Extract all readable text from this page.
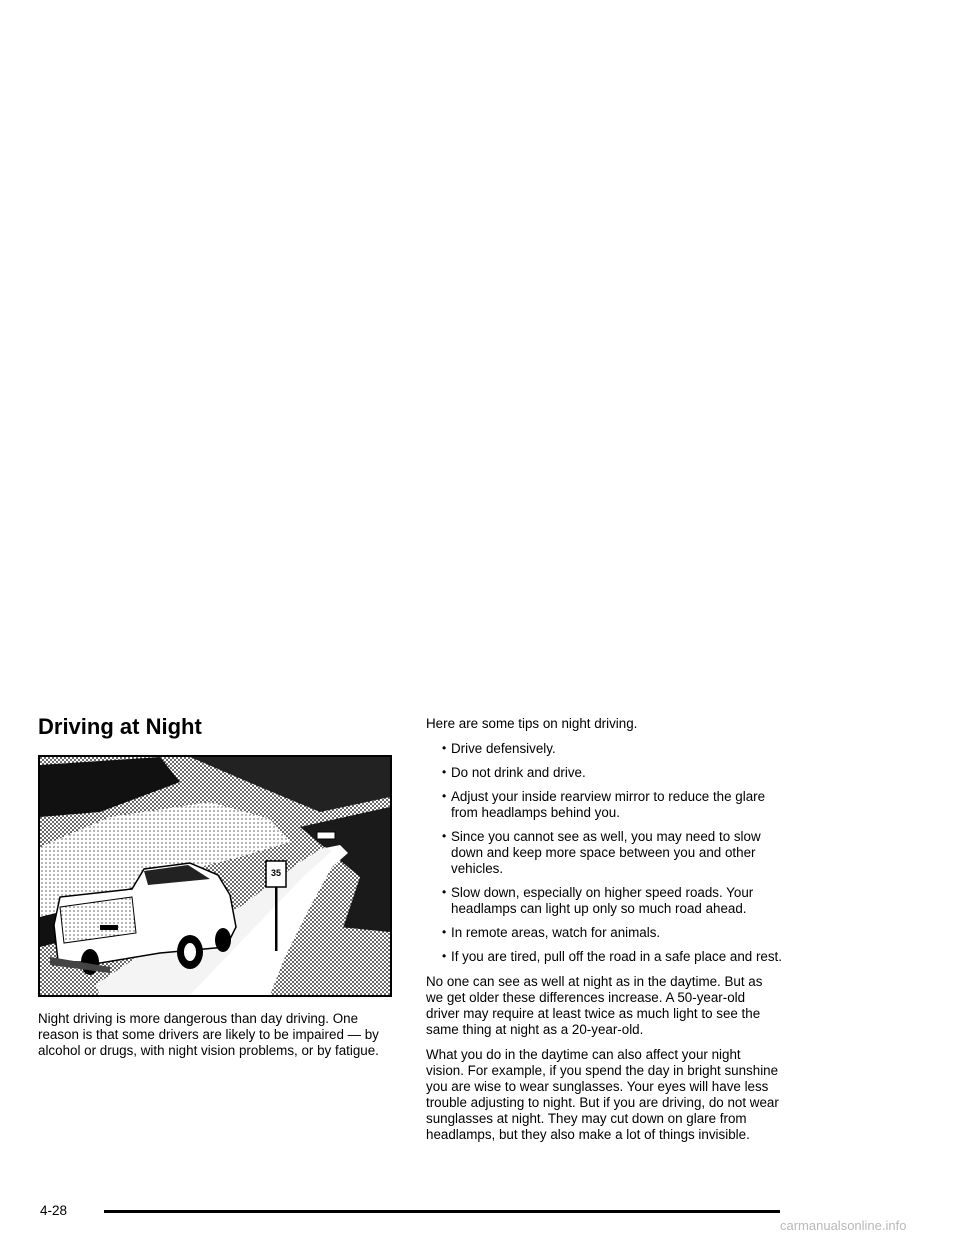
Driving at Night
35

Night driving is more dangerous than day driving. One reason is that some drivers are likely to be impaired — by alcohol or drugs, with night vision problems, or by fatigue.

Here are some tips on night driving.

• Drive defensively.
• Do not drink and drive.
• Adjust your inside rearview mirror to reduce the glare from headlamps behind you.
• Since you cannot see as well, you may need to slow down and keep more space between you and other vehicles.
• Slow down, especially on higher speed roads. Your headlamps can light up only so much road ahead.
• In remote areas, watch for animals.
• If you are tired, pull off the road in a safe place and rest.

No one can see as well at night as in the daytime. But as we get older these differences increase. A 50-year-old driver may require at least twice as much light to see the same thing at night as a 20-year-old.

What you do in the daytime can also affect your night vision. For example, if you spend the day in bright sunshine you are wise to wear sunglasses. Your eyes will have less trouble adjusting to night. But if you are driving, do not wear sunglasses at night. They may cut down on glare from headlamps, but they also make a lot of things invisible.

4-28
carmanualsonline.info
